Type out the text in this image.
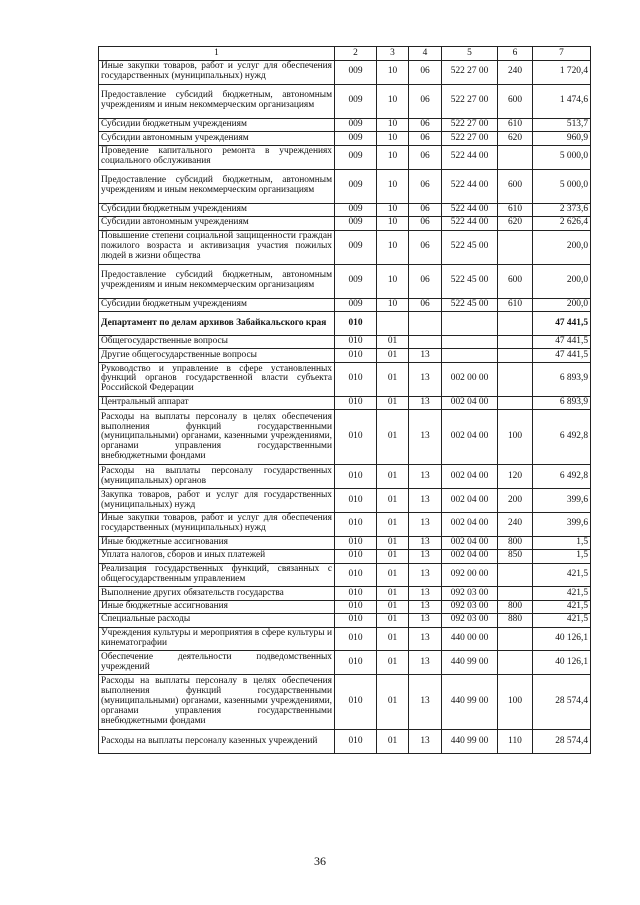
1	2	3	4	5	6	7
Иные закупки товаров, работ и услуг для обеспечения государственных (муниципальных) нужд	009	10	06	522 27 00	240	1 720,4
Предоставление субсидий бюджетным, автономным учреждениям и иным некоммерческим организациям	009	10	06	522 27 00	600	1 474,6
Субсидии бюджетным учреждениям	009	10	06	522 27 00	610	513,7
Субсидии автономным учреждениям	009	10	06	522 27 00	620	960,9
Проведение капитального ремонта в учреждениях социального обслуживания	009	10	06	522 44 00		5 000,0
Предоставление субсидий бюджетным, автономным учреждениям и иным некоммерческим организациям	009	10	06	522 44 00	600	5 000,0
Субсидии бюджетным учреждениям	009	10	06	522 44 00	610	2 373,6
Субсидии автономным учреждениям	009	10	06	522 44 00	620	2 626,4
Повышение степени социальной защищенности граждан пожилого возраста и активизация участия пожилых людей в жизни общества	009	10	06	522 45 00		200,0
Предоставление субсидий бюджетным, автономным учреждениям и иным некоммерческим организациям	009	10	06	522 45 00	600	200,0
Субсидии бюджетным учреждениям	009	10	06	522 45 00	610	200,0
Департамент по делам архивов Забайкальского края	010					47 441,5
Общегосударственные вопросы	010	01				47 441,5
Другие общегосударственные вопросы	010	01	13			47 441,5
Руководство и управление в сфере установленных функций органов государственной власти субъекта Российской Федерации	010	01	13	002 00 00		6 893,9
Центральный аппарат	010	01	13	002 04 00		6 893,9
Расходы на выплаты персоналу в целях обеспечения выполнения функций государственными (муниципальными) органами, казенными учреждениями, органами управления государственными внебюджетными фондами	010	01	13	002 04 00	100	6 492,8
Расходы на выплаты персоналу государственных (муниципальных) органов	010	01	13	002 04 00	120	6 492,8
Закупка товаров, работ и услуг для государственных (муниципальных) нужд	010	01	13	002 04 00	200	399,6
Иные закупки товаров, работ и услуг для обеспечения государственных (муниципальных) нужд	010	01	13	002 04 00	240	399,6
Иные бюджетные ассигнования	010	01	13	002 04 00	800	1,5
Уплата налогов, сборов и иных платежей	010	01	13	002 04 00	850	1,5
Реализация государственных функций, связанных с общегосударственным управлением	010	01	13	092 00 00		421,5
Выполнение других обязательств государства	010	01	13	092 03 00		421,5
Иные бюджетные ассигнования	010	01	13	092 03 00	800	421,5
Специальные расходы	010	01	13	092 03 00	880	421,5
Учреждения культуры и мероприятия в сфере культуры и кинематографии	010	01	13	440 00 00		40 126,1
Обеспечение деятельности подведомственных учреждений	010	01	13	440 99 00		40 126,1
Расходы на выплаты персоналу в целях обеспечения выполнения функций государственными (муниципальными) органами, казенными учреждениями, органами управления государственными внебюджетными фондами	010	01	13	440 99 00	100	28 574,4
Расходы на выплаты персоналу казенных учреждений	010	01	13	440 99 00	110	28 574,4
36
